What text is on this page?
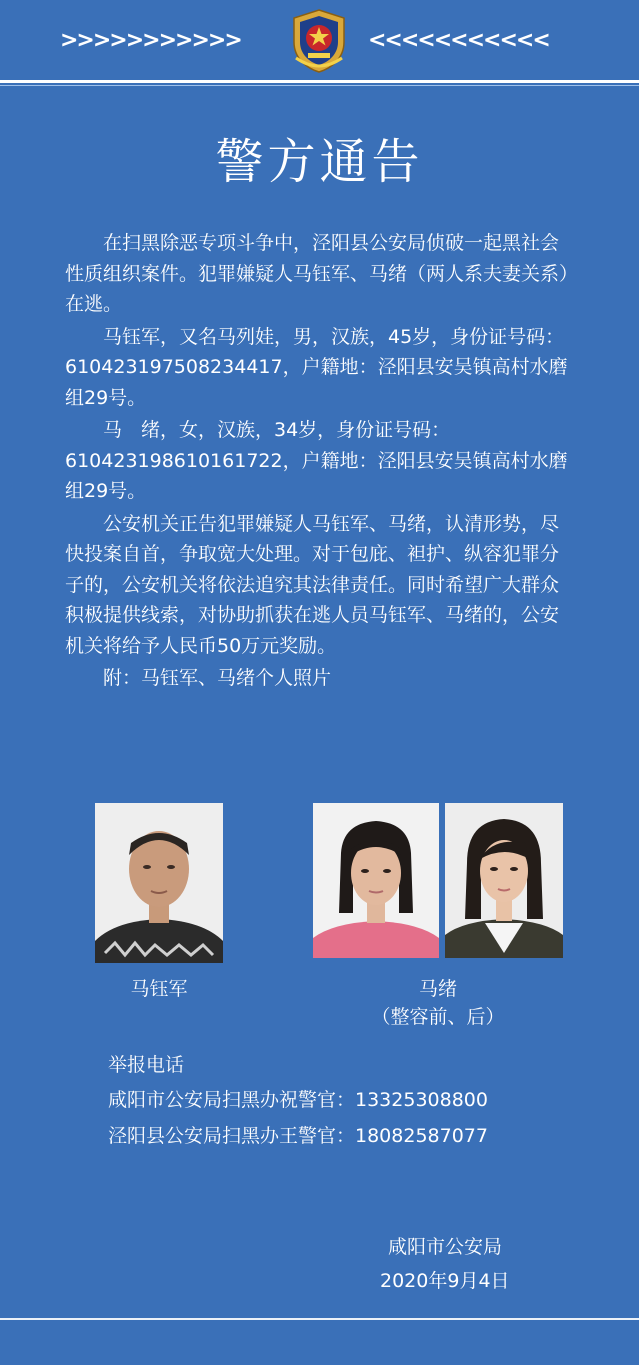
>>>>>>>>>>>	<<<<<<<<<<<
警方通告

在扫黑除恶专项斗争中，泾阳县公安局侦破一起黑社会性质组织案件。犯罪嫌疑人马钰军、马绪（两人系夫妻关系）在逃。

马钰军，又名马列娃，男，汉族，45岁，身份证号码：610423197508234417，户籍地：泾阳县安吴镇高村水磨组29号。

马　绪，女，汉族，34岁，身份证号码：610423198610161722，户籍地：泾阳县安吴镇高村水磨组29号。

公安机关正告犯罪嫌疑人马钰军、马绪，认清形势，尽快投案自首，争取宽大处理。对于包庇、袒护、纵容犯罪分子的，公安机关将依法追究其法律责任。同时希望广大群众积极提供线索，对协助抓获在逃人员马钰军、马绪的，公安机关将给予人民币50万元奖励。

附：马钰军、马绪个人照片

马钰军	马绪
（整容前、后）
举报电话
咸阳市公安局扫黑办祝警官：13325308800
泾阳县公安局扫黑办王警官：18082587077
咸阳市公安局
2020年9月4日
